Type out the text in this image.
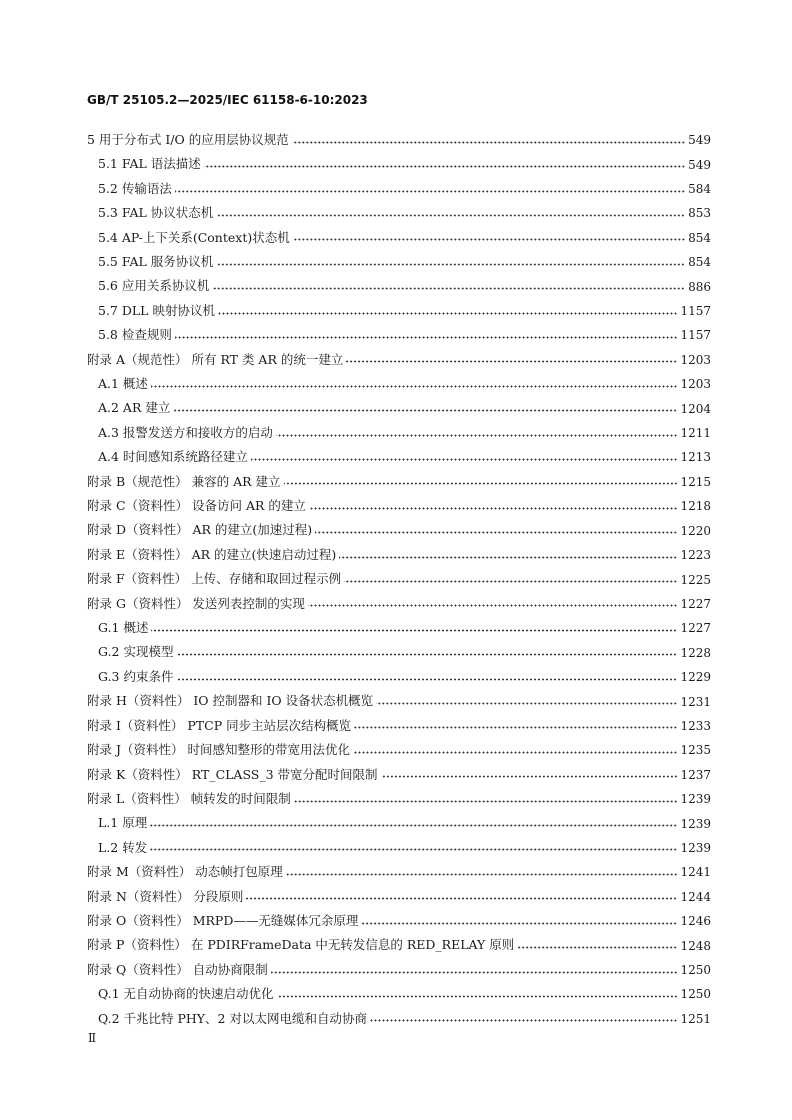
GB/T 25105.2—2025/IEC 61158-6-10:2023
5 用于分布式 I/O 的应用层协议规范	549
5.1 FAL 语法描述	549
5.2 传输语法	584
5.3 FAL 协议状态机	853
5.4 AP-上下关系(Context)状态机	854
5.5 FAL 服务协议机	854
5.6 应用关系协议机	886
5.7 DLL 映射协议机	1157
5.8 检查规则	1157
附录 A（规范性） 所有 RT 类 AR 的统一建立	1203
A.1 概述	1203
A.2 AR 建立	1204
A.3 报警发送方和接收方的启动	1211
A.4 时间感知系统路径建立	1213
附录 B（规范性） 兼容的 AR 建立	1215
附录 C（资料性） 设备访问 AR 的建立	1218
附录 D（资料性） AR 的建立(加速过程)	1220
附录 E（资料性） AR 的建立(快速启动过程)	1223
附录 F（资料性） 上传、存储和取回过程示例	1225
附录 G（资料性） 发送列表控制的实现	1227
G.1 概述	1227
G.2 实现模型	1228
G.3 约束条件	1229
附录 H（资料性） IO 控制器和 IO 设备状态机概览	1231
附录 I（资料性） PTCP 同步主站层次结构概览	1233
附录 J（资料性） 时间感知整形的带宽用法优化	1235
附录 K（资料性） RT_CLASS_3 带宽分配时间限制	1237
附录 L（资料性） 帧转发的时间限制	1239
L.1 原理	1239
L.2 转发	1239
附录 M（资料性） 动态帧打包原理	1241
附录 N（资料性） 分段原则	1244
附录 O（资料性） MRPD——无缝媒体冗余原理	1246
附录 P（资料性） 在 PDIRFrameData 中无转发信息的 RED_RELAY 原则	1248
附录 Q（资料性） 自动协商限制	1250
Q.1 无自动协商的快速启动优化	1250
Q.2 千兆比特 PHY、2 对以太网电缆和自动协商	1251
Ⅱ
